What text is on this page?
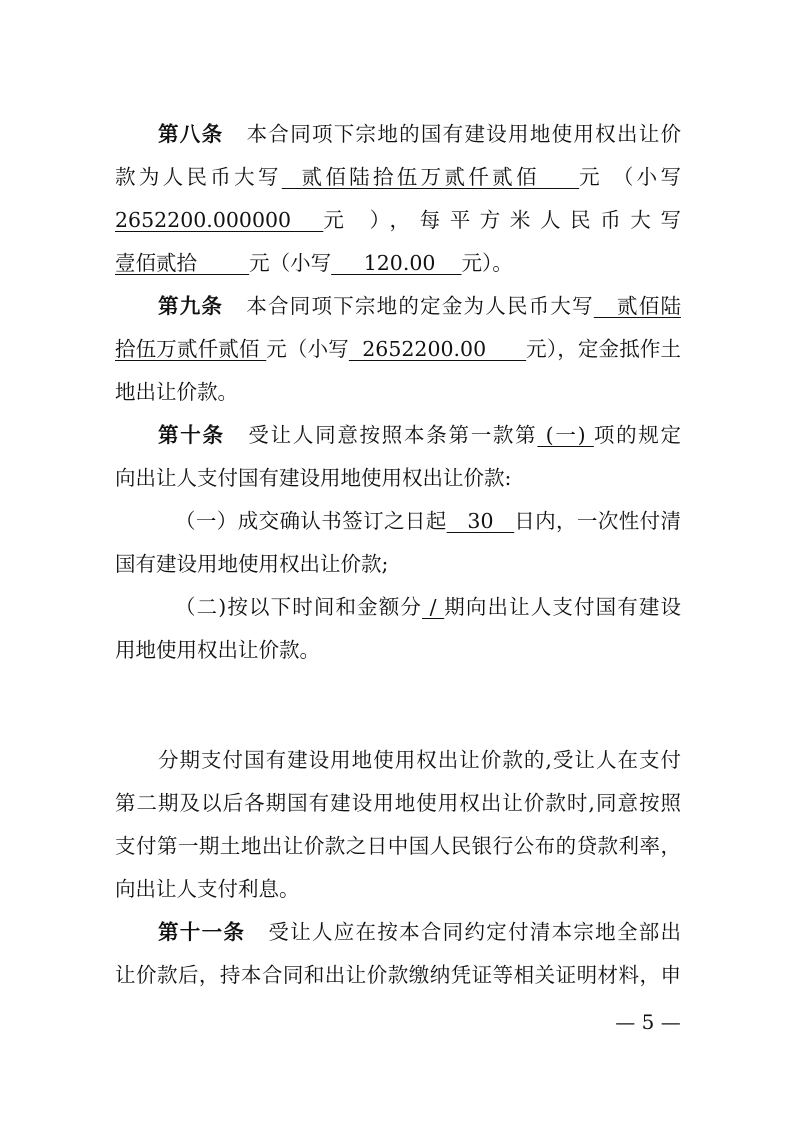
第八条 本合同项下宗地的国有建设用地使用权出让价
款为人民币大写  贰佰陆拾伍万贰仟贰佰    元 （小写
2652200.000000  元 ），每平方米人民币大写
壹佰贰拾        元（小写     120.00    元）。
第九条 本合同项下宗地的定金为人民币大写   贰佰陆
拾伍万贰仟贰佰 元（小写  2652200.00      元），定金抵作土
地出让价款。
第十条 受让人同意按照本条第一款第 (一) 项的规定
向出让人支付国有建设用地使用权出让价款:
（一）成交确认书签订之日起   30   日内，一次性付清
国有建设用地使用权出让价款;
（二)按以下时间和金额分 / 期向出让人支付国有建设
用地使用权出让价款。
分期支付国有建设用地使用权出让价款的,受让人在支付
第二期及以后各期国有建设用地使用权出让价款时,同意按照
支付第一期土地出让价款之日中国人民银行公布的贷款利率，
向出让人支付利息。
第十一条 受让人应在按本合同约定付清本宗地全部出
让价款后，持本合同和出让价款缴纳凭证等相关证明材料，申
— 5 —
